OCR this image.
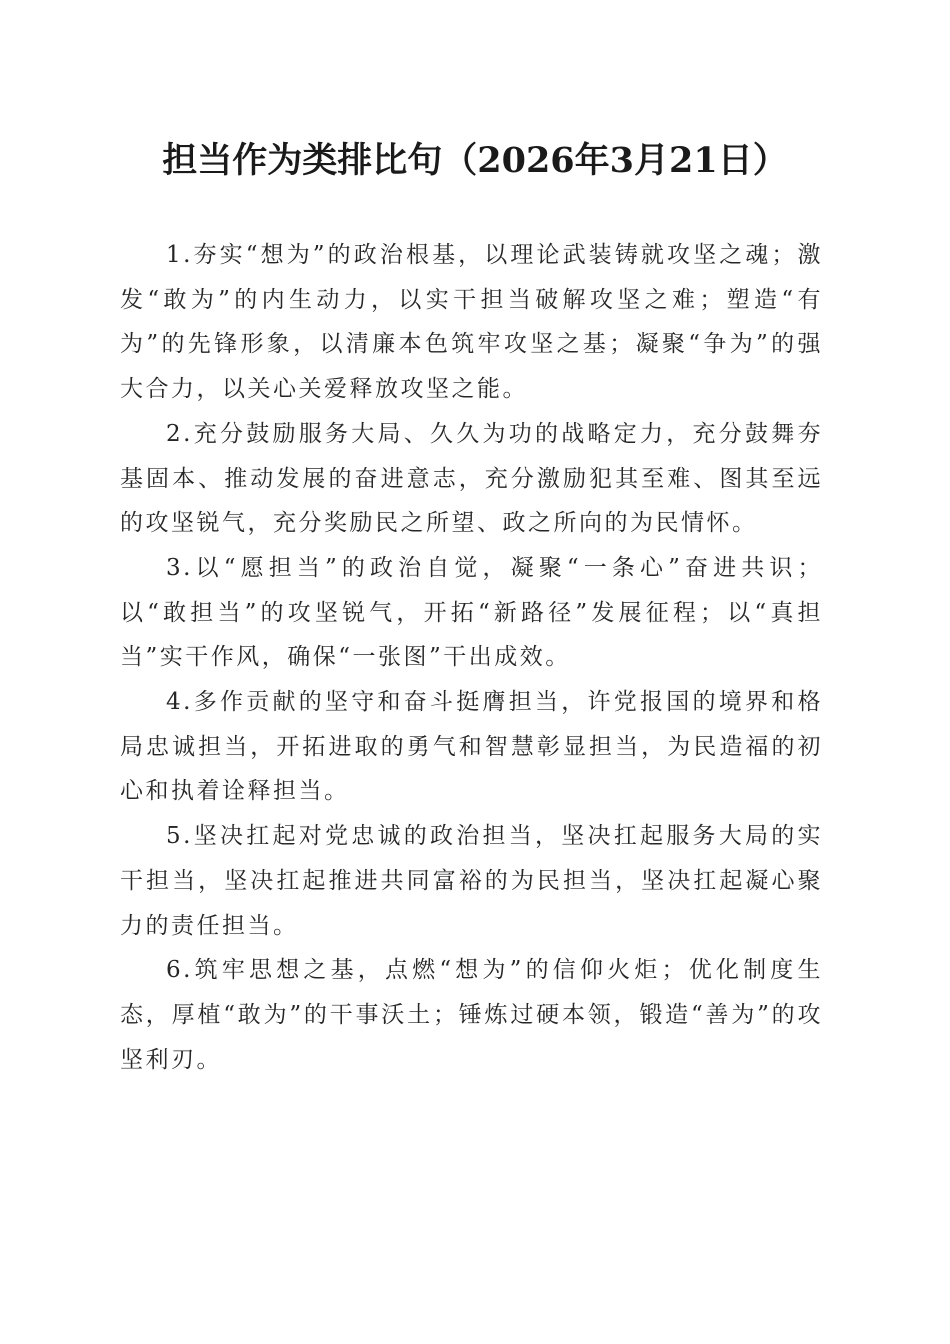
担当作为类排比句（2026年3月21日）

1.夯实“想为”的政治根基，以理论武装铸就攻坚之魂；激发“敢为”的内生动力，以实干担当破解攻坚之难；塑造“有为”的先锋形象，以清廉本色筑牢攻坚之基；凝聚“争为”的强大合力，以关心关爱释放攻坚之能。

2.充分鼓励服务大局、久久为功的战略定力，充分鼓舞夯基固本、推动发展的奋进意志，充分激励犯其至难、图其至远的攻坚锐气，充分奖励民之所望、政之所向的为民情怀。

3.以“愿担当”的政治自觉，凝聚“一条心”奋进共识；以“敢担当”的攻坚锐气，开拓“新路径”发展征程；以“真担当”实干作风，确保“一张图”干出成效。

4.多作贡献的坚守和奋斗挺膺担当，许党报国的境界和格局忠诚担当，开拓进取的勇气和智慧彰显担当，为民造福的初心和执着诠释担当。

5.坚决扛起对党忠诚的政治担当，坚决扛起服务大局的实干担当，坚决扛起推进共同富裕的为民担当，坚决扛起凝心聚力的责任担当。

6.筑牢思想之基，点燃“想为”的信仰火炬；优化制度生态，厚植“敢为”的干事沃土；锤炼过硬本领，锻造“善为”的攻坚利刃。
